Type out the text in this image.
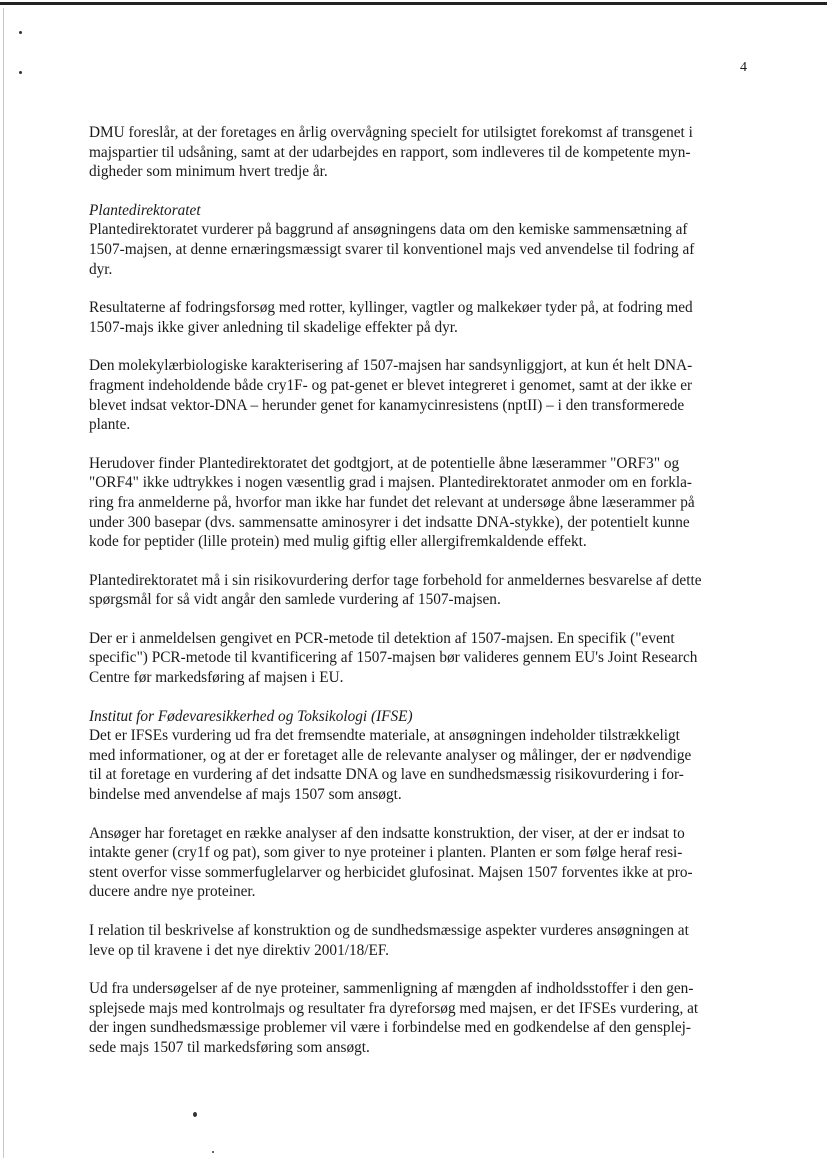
4

DMU foreslår, at der foretages en årlig overvågning specielt for utilsigtet forekomst af transgenet i
majspartier til udsåning, samt at der udarbejdes en rapport, som indleveres til de kompetente myn-
digheder som minimum hvert tredje år.

Plantedirektoratet
Plantedirektoratet vurderer på baggrund af ansøgningens data om den kemiske sammensætning af
1507-majsen, at denne ernæringsmæssigt svarer til konventionel majs ved anvendelse til fodring af
dyr.

Resultaterne af fodringsforsøg med rotter, kyllinger, vagtler og malkekøer tyder på, at fodring med
1507-majs ikke giver anledning til skadelige effekter på dyr.

Den molekylærbiologiske karakterisering af 1507-majsen har sandsynliggjort, at kun ét helt DNA-
fragment indeholdende både cry1F- og pat-genet er blevet integreret i genomet, samt at der ikke er
blevet indsat vektor-DNA – herunder genet for kanamycinresistens (nptII) – i den transformerede
plante.

Herudover finder Plantedirektoratet det godtgjort, at de potentielle åbne læserammer "ORF3" og
"ORF4" ikke udtrykkes i nogen væsentlig grad i majsen. Plantedirektoratet anmoder om en forkla-
ring fra anmelderne på, hvorfor man ikke har fundet det relevant at undersøge åbne læserammer på
under 300 basepar (dvs. sammensatte aminosyrer i det indsatte DNA-stykke), der potentielt kunne
kode for peptider (lille protein) med mulig giftig eller allergifremkaldende effekt.

Plantedirektoratet må i sin risikovurdering derfor tage forbehold for anmeldernes besvarelse af dette
spørgsmål for så vidt angår den samlede vurdering af 1507-majsen.

Der er i anmeldelsen gengivet en PCR-metode til detektion af 1507-majsen. En specifik ("event
specific") PCR-metode til kvantificering af 1507-majsen bør valideres gennem EU's Joint Research
Centre før markedsføring af majsen i EU.

Institut for Fødevaresikkerhed og Toksikologi (IFSE)
Det er IFSEs vurdering ud fra det fremsendte materiale, at ansøgningen indeholder tilstrækkeligt
med informationer, og at der er foretaget alle de relevante analyser og målinger, der er nødvendige
til at foretage en vurdering af det indsatte DNA og lave en sundhedsmæssig risikovurdering i for-
bindelse med anvendelse af majs 1507 som ansøgt.

Ansøger har foretaget en række analyser af den indsatte konstruktion, der viser, at der er indsat to
intakte gener (cry1f og pat), som giver to nye proteiner i planten. Planten er som følge heraf resi-
stent overfor visse sommerfuglelarver og herbicidet glufosinat. Majsen 1507 forventes ikke at pro-
ducere andre nye proteiner.

I relation til beskrivelse af konstruktion og de sundhedsmæssige aspekter vurderes ansøgningen at
leve op til kravene i det nye direktiv 2001/18/EF.

Ud fra undersøgelser af de nye proteiner, sammenligning af mængden af indholdsstoffer i den gen-
splejsede majs med kontrolmajs og resultater fra dyreforsøg med majsen, er det IFSEs vurdering, at
der ingen sundhedsmæssige problemer vil være i forbindelse med en godkendelse af den gensplej-
sede majs 1507 til markedsføring som ansøgt.
